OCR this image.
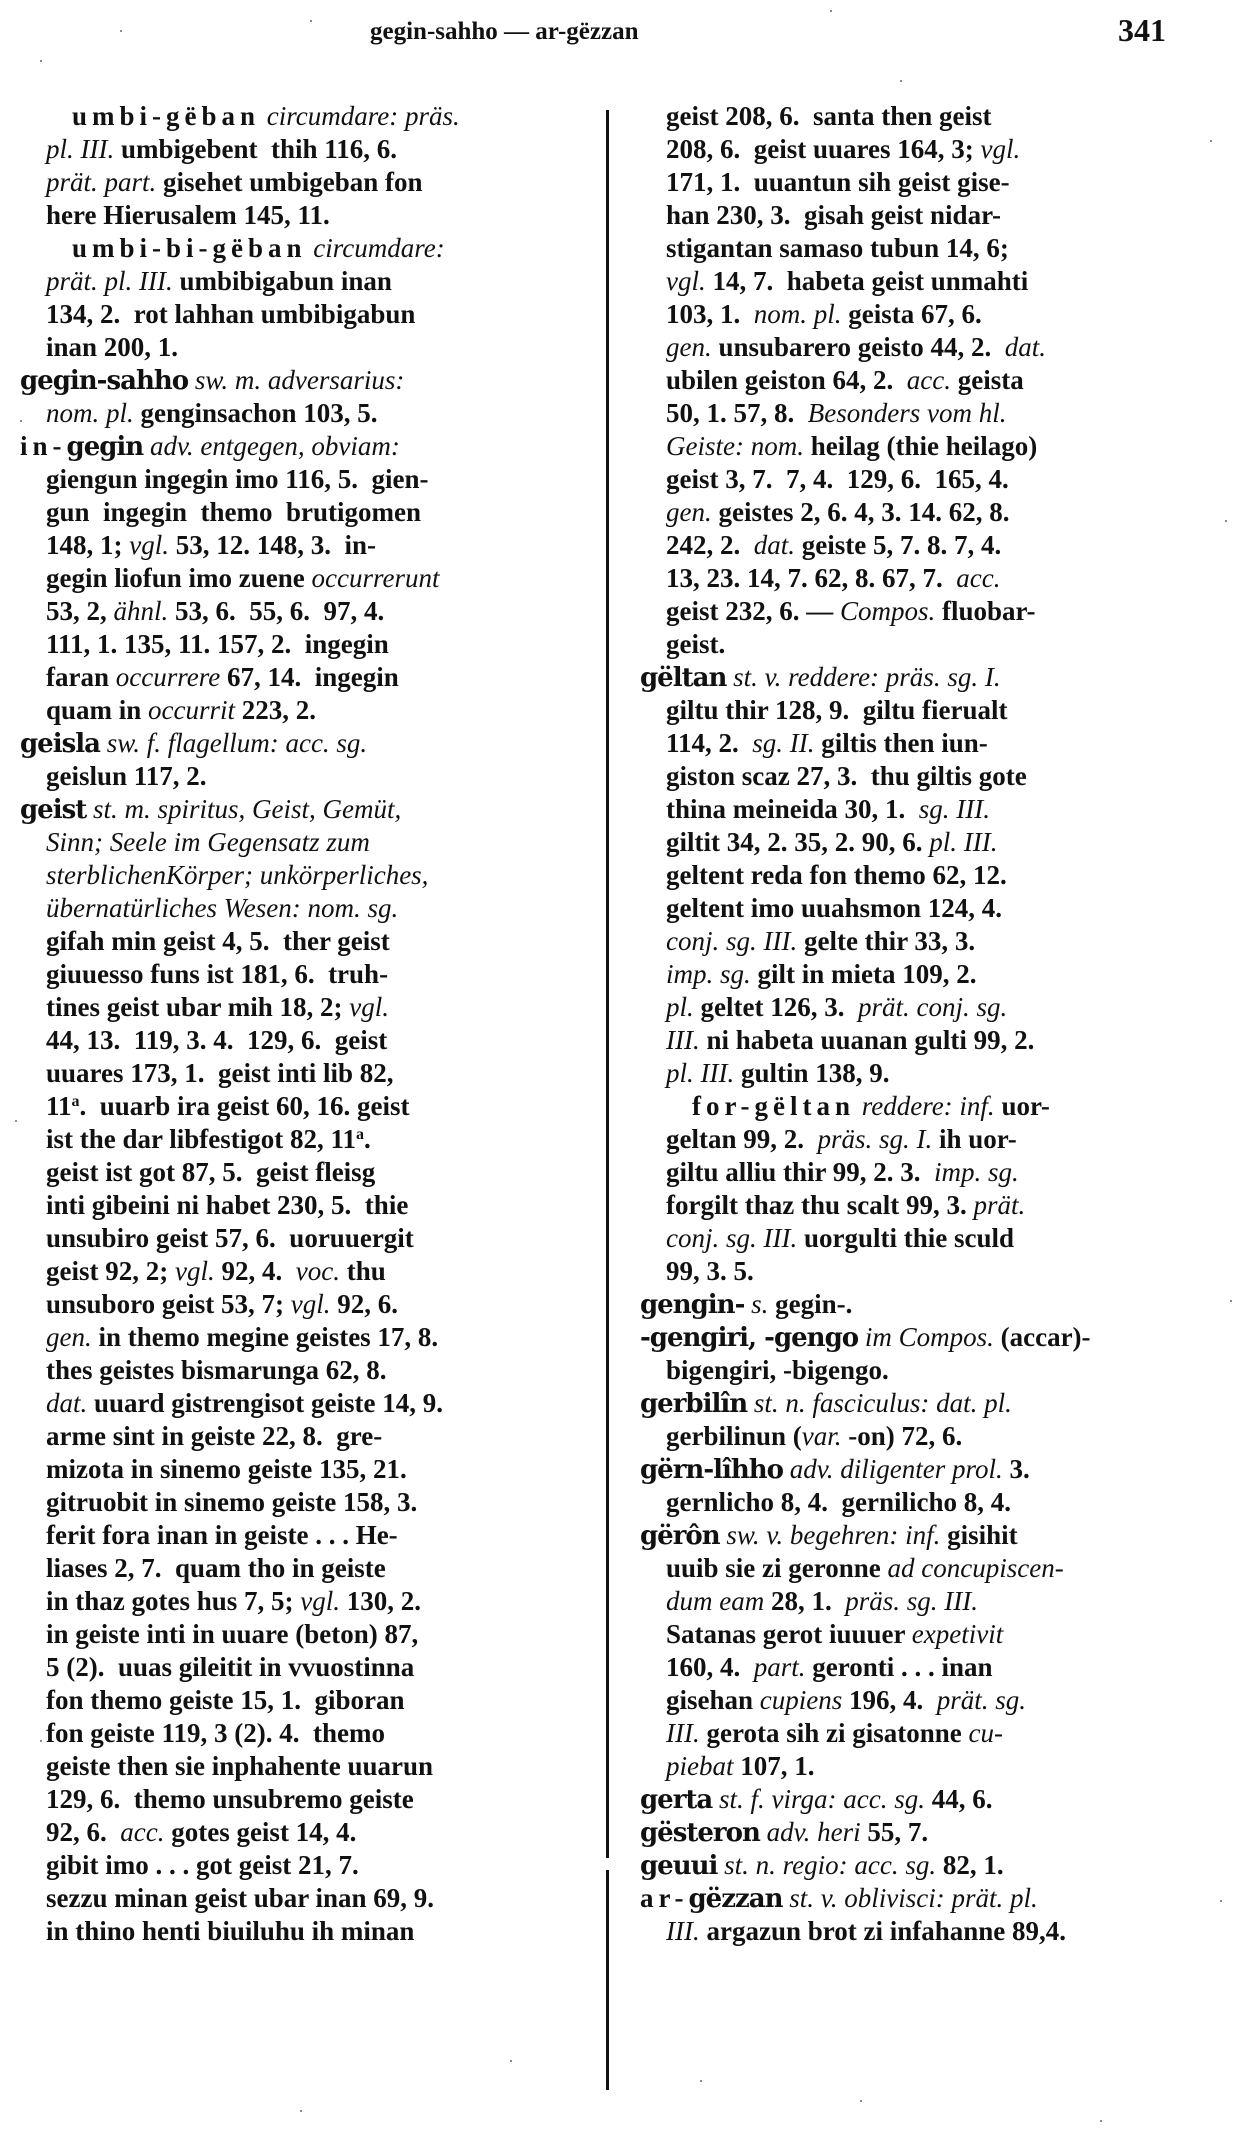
gegin-sahho — ar-gëzzan	341
umbi-gëban circumdare: präs.
pl. III. umbigebent  thih 116, 6.
prät. part. gisehet umbigeban fon
here Hierusalem 145, 11.
umbi-bi-gëban circumdare:
prät. pl. III. umbibigabun inan
134, 2.  rot lahhan umbibigabun
inan 200, 1.
gegin-sahho sw. m. adversarius:
nom. pl. genginsachon 103, 5.
in-gegin adv. entgegen, obviam:
giengun ingegin imo 116, 5.  gien-
gun  ingegin  themo  brutigomen
148, 1; vgl. 53, 12. 148, 3.  in-
gegin liofun imo zuene occurrerunt
53, 2, ähnl. 53, 6.  55, 6.  97, 4.
111, 1. 135, 11. 157, 2.  ingegin
faran occurrere 67, 14.  ingegin
quam in occurrit 223, 2.
geisla sw. f. flagellum: acc. sg.
geislun 117, 2.
geist st. m. spiritus, Geist, Gemüt,
Sinn; Seele im Gegensatz zum
sterblichenKörper; unkörperliches,
übernatürliches Wesen: nom. sg.
gifah min geist 4, 5.  ther geist
giuuesso funs ist 181, 6.  truh-
tines geist ubar mih 18, 2; vgl.
44, 13.  119, 3. 4.  129, 6.  geist
uuares 173, 1.  geist inti lib 82,
11$^a$.  uuarb ira geist 60, 16. geist
ist the dar libfestigot 82, 11$^a$.
geist ist got 87, 5.  geist fleisg
inti gibeini ni habet 230, 5.  thie
unsubiro geist 57, 6.  uoruuergit
geist 92, 2; vgl. 92, 4.  voc. thu
unsuboro geist 53, 7; vgl. 92, 6.
gen. in themo megine geistes 17, 8.
thes geistes bismarunga 62, 8.
dat. uuard gistrengisot geiste 14, 9.
arme sint in geiste 22, 8.  gre-
mizota in sinemo geiste 135, 21.
gitruobit in sinemo geiste 158, 3.
ferit fora inan in geiste . . . He-
liases 2, 7.  quam tho in geiste
in thaz gotes hus 7, 5; vgl. 130, 2.
in geiste inti in uuare (beton) 87,
5 (2).  uuas gileitit in vvuostinna
fon themo geiste 15, 1.  giboran
fon geiste 119, 3 (2). 4.  themo
geiste then sie inphahente uuarun
129, 6.  themo unsubremo geiste
92, 6.  acc. gotes geist 14, 4.
gibit imo . . . got geist 21, 7.
sezzu minan geist ubar inan 69, 9.
in thino henti biuiluhu ih minan
geist 208, 6.  santa then geist
208, 6.  geist uuares 164, 3; vgl.
171, 1.  uuantun sih geist gise-
han 230, 3.  gisah geist nidar-
stigantan samaso tubun 14, 6;
vgl. 14, 7.  habeta geist unmahti
103, 1.  nom. pl. geista 67, 6.
gen. unsubarero geisto 44, 2.  dat.
ubilen geiston 64, 2.  acc. geista
50, 1. 57, 8.  Besonders vom hl.
Geiste: nom. heilag (thie heilago)
geist 3, 7.  7, 4.  129, 6.  165, 4.
gen. geistes 2, 6. 4, 3. 14. 62, 8.
242, 2.  dat. geiste 5, 7. 8. 7, 4.
13, 23. 14, 7. 62, 8. 67, 7.  acc.
geist 232, 6. — Compos. fluobar-
geist.
gëltan st. v. reddere: präs. sg. I.
giltu thir 128, 9.  giltu fierualt
114, 2.  sg. II. giltis then iun-
giston scaz 27, 3.  thu giltis gote
thina meineida 30, 1.  sg. III.
giltit 34, 2. 35, 2. 90, 6. pl. III.
geltent reda fon themo 62, 12.
geltent imo uuahsmon 124, 4.
conj. sg. III. gelte thir 33, 3.
imp. sg. gilt in mieta 109, 2.
pl. geltet 126, 3.  prät. conj. sg.
III. ni habeta uuanan gulti 99, 2.
pl. III. gultin 138, 9.
for-gëltan reddere: inf. uor-
geltan 99, 2.  präs. sg. I. ih uor-
giltu alliu thir 99, 2. 3.  imp. sg.
forgilt thaz thu scalt 99, 3. prät.
conj. sg. III. uorgulti thie sculd
99, 3. 5.
gengin- s. gegin-.
-gengiri, -gengo im Compos. (accar)-
bigengiri, -bigengo.
gerbilîn st. n. fasciculus: dat. pl.
gerbilinun (var. -on) 72, 6.
gërn-lîhho adv. diligenter prol. 3.
gernlicho 8, 4.  gernilicho 8, 4.
gërôn sw. v. begehren: inf. gisihit
uuib sie zi geronne ad concupiscen-
dum eam 28, 1.  präs. sg. III.
Satanas gerot iuuuer expetivit
160, 4.  part. geronti . . . inan
gisehan cupiens 196, 4.  prät. sg.
III. gerota sih zi gisatonne cu-
piebat 107, 1.
gerta st. f. virga: acc. sg. 44, 6.
gësteron adv. heri 55, 7.
geuui st. n. regio: acc. sg. 82, 1.
ar-gëzzan st. v. oblivisci: prät. pl.
III. argazun brot zi infahanne 89,4.
